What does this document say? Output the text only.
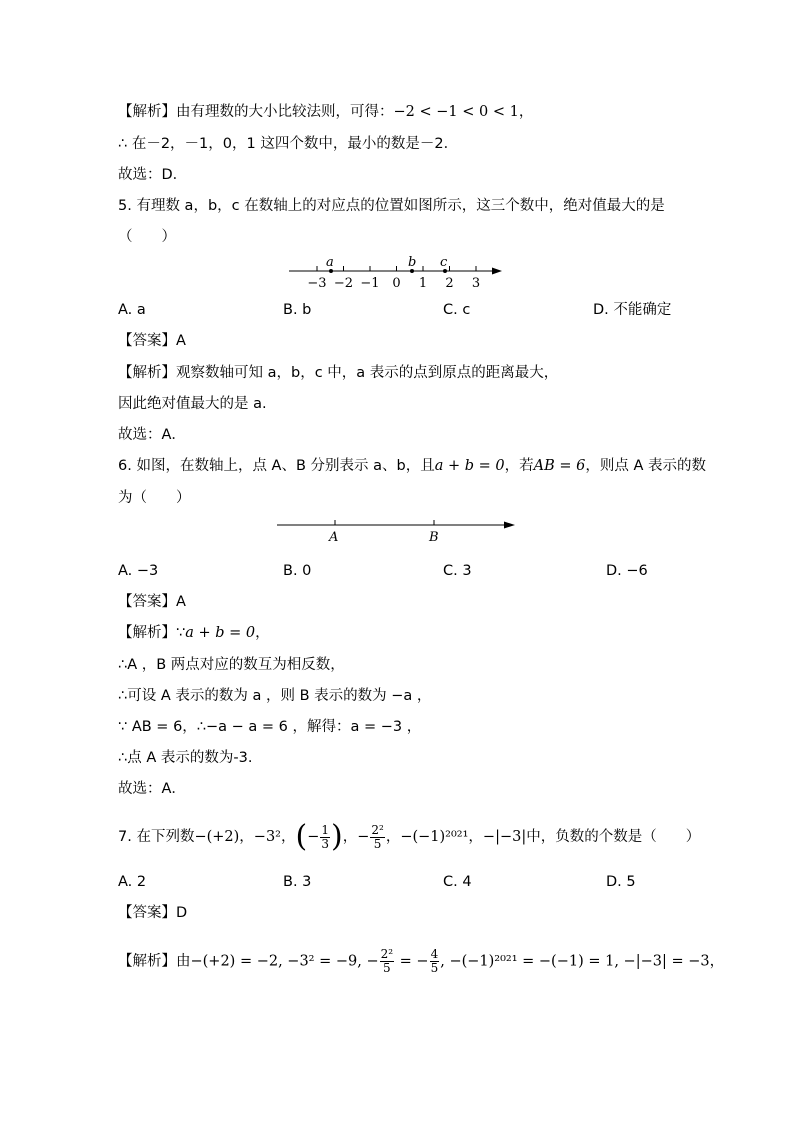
【解析】由有理数的大小比较法则，可得：−2 < −1 < 0 < 1，
∴ 在－2，－1，0，1 这四个数中，最小的数是－2．
故选：D．
5. 有理数 a，b，c 在数轴上的对应点的位置如图所示，这三个数中，绝对值最大的是
（　　）
−3 −2 −1 0 1 2 3
a	b c
A. a	B. b	C. c	D. 不能确定
【答案】A
【解析】观察数轴可知 a，b，c 中，a 表示的点到原点的距离最大，
因此绝对值最大的是 a.
故选：A．
6. 如图，在数轴上，点 A、B 分别表示 a、b，且a + b = 0，若AB = 6，则点 A 表示的数
为（　　）
A	B
A. −3	B. 0	C. 3	D. −6
【答案】A
【解析】∵a + b = 0，
∴A ，B 两点对应的数互为相反数，
∴可设 A 表示的数为 a ，则 B 表示的数为 −a ，
∵ AB = 6，∴−a − a = 6 ，解得：a = −3 ，
∴点 A 表示的数为-3.
故选：A．
7. 在下列数−(+2)，−3²，(− $\frac{1}{3}$ )，− $\frac{\text{2²}}{5}$ ，−(−1)²⁰²¹，−|−3|中，负数的个数是（　　）
A. 2	B. 3	C. 4	D. 5
【答案】D
【解析】由−(+2) = −2, −3² = −9, − $\frac{\text{2²}}{5}$ = − $\frac{4}{5}$ , −(−1)²⁰²¹ = −(−1) = 1, −|−3| = −3，
